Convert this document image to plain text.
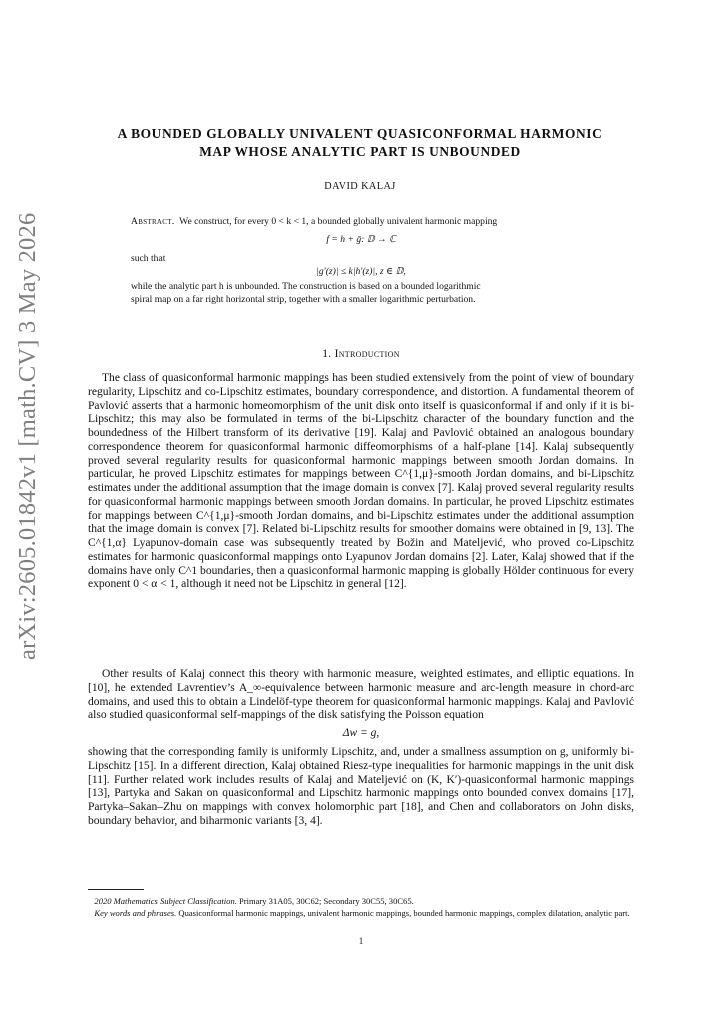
arXiv:2605.01842v1 [math.CV] 3 May 2026
A BOUNDED GLOBALLY UNIVALENT QUASICONFORMAL HARMONIC
MAP WHOSE ANALYTIC PART IS UNBOUNDED
DAVID KALAJ
Abstract. We construct, for every 0 < k < 1, a bounded globally univalent harmonic mapping
f = h + ḡ: 𝔻 → ℂ
such that
|g′(z)| ≤ k|h′(z)|, z ∈ 𝔻,
while the analytic part h is unbounded. The construction is based on a bounded logarithmic
spiral map on a far right horizontal strip, together with a smaller logarithmic perturbation.
1. Introduction

The class of quasiconformal harmonic mappings has been studied extensively from the point of view of boundary regularity, Lipschitz and co-Lipschitz estimates, boundary correspondence, and distortion. A fundamental theorem of Pavlović asserts that a harmonic homeomorphism of the unit disk onto itself is quasiconformal if and only if it is bi-Lipschitz; this may also be formulated in terms of the bi-Lipschitz character of the boundary function and the boundedness of the Hilbert transform of its derivative [19]. Kalaj and Pavlović obtained an analogous boundary correspondence theorem for quasiconformal harmonic diffeomorphisms of a half-plane [14]. Kalaj subsequently proved several regularity results for quasiconformal harmonic mappings between smooth Jordan domains. In particular, he proved Lipschitz estimates for mappings between C^{1,μ}-smooth Jordan domains, and bi-Lipschitz estimates under the additional assumption that the image domain is convex [7]. Kalaj proved several regularity results for quasiconformal harmonic mappings between smooth Jordan domains. In particular, he proved Lipschitz estimates for mappings between C^{1,μ}-smooth Jordan domains, and bi-Lipschitz estimates under the additional assumption that the image domain is convex [7]. Related bi-Lipschitz results for smoother domains were obtained in [9, 13]. The C^{1,α} Lyapunov-domain case was subsequently treated by Božin and Mateljević, who proved co-Lipschitz estimates for harmonic quasiconformal mappings onto Lyapunov Jordan domains [2]. Later, Kalaj showed that if the domains have only C^1 boundaries, then a quasiconformal harmonic mapping is globally Hölder continuous for every exponent 0 < α < 1, although it need not be Lipschitz in general [12].

Other results of Kalaj connect this theory with harmonic measure, weighted estimates, and elliptic equations. In [10], he extended Lavrentiev’s A_∞-equivalence between harmonic measure and arc-length measure in chord-arc domains, and used this to obtain a Lindelöf-type theorem for quasiconformal harmonic mappings. Kalaj and Pavlović also studied quasiconformal self-mappings of the disk satisfying the Poisson equation

Δw = g,

showing that the corresponding family is uniformly Lipschitz, and, under a smallness assumption on g, uniformly bi-Lipschitz [15]. In a different direction, Kalaj obtained Riesz-type inequalities for harmonic mappings in the unit disk [11]. Further related work includes results of Kalaj and Mateljević on (K, K′)-quasiconformal harmonic mappings [13], Partyka and Sakan on quasiconformal and Lipschitz harmonic mappings onto bounded convex domains [17], Partyka–Sakan–Zhu on mappings with convex holomorphic part [18], and Chen and collaborators on John disks, boundary behavior, and biharmonic variants [3, 4].

2020 Mathematics Subject Classification. Primary 31A05, 30C62; Secondary 30C55, 30C65.
Key words and phrases. Quasiconformal harmonic mappings, univalent harmonic mappings, bounded harmonic mappings, complex dilatation, analytic part.
1
